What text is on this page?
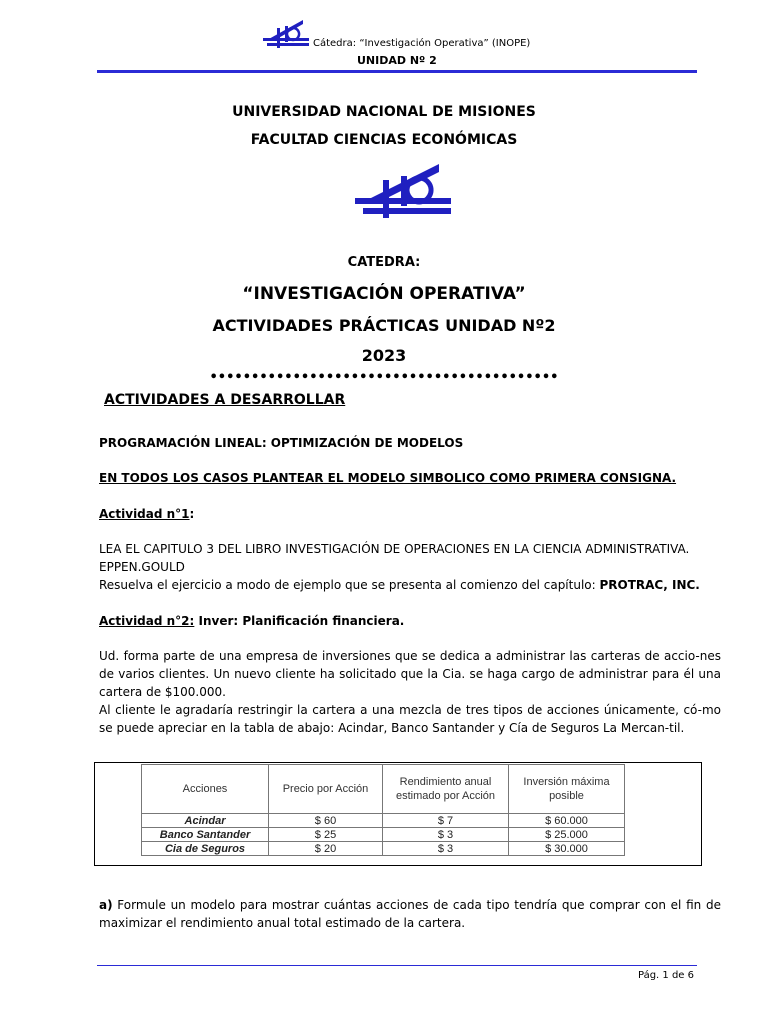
Cátedra: “Investigación Operativa” (INOPE)
UNIDAD Nº 2
UNIVERSIDAD NACIONAL DE MISIONES
FACULTAD CIENCIAS ECONÓMICAS
CATEDRA:
“INVESTIGACIÓN OPERATIVA”
ACTIVIDADES PRÁCTICAS UNIDAD Nº2
2023
••••••••••••••••••••••••••••••••••••••••••
ACTIVIDADES A DESARROLLAR
PROGRAMACIÓN LINEAL: OPTIMIZACIÓN DE MODELOS
EN TODOS LOS CASOS PLANTEAR EL MODELO SIMBOLICO COMO PRIMERA CONSIGNA.
Actividad n°1:
LEA EL CAPITULO 3 DEL LIBRO INVESTIGACIÓN DE OPERACIONES EN LA CIENCIA ADMINISTRATIVA.
EPPEN.GOULD
Resuelva el ejercicio a modo de ejemplo que se presenta al comienzo del capítulo: PROTRAC, INC.
Actividad n°2: Inver: Planificación financiera.
Ud. forma parte de una empresa de inversiones que se dedica a administrar las carteras de accio-nes de varios clientes. Un nuevo cliente ha solicitado que la Cia. se haga cargo de administrar para él una cartera de $100.000.
Al cliente le agradaría restringir la cartera a una mezcla de tres tipos de acciones únicamente, có-mo se puede apreciar en la tabla de abajo: Acindar, Banco Santander y Cía de Seguros La Mercan-til.
Acciones	Precio por Acción	Rendimiento anual estimado por Acción	Inversión máxima posible
Acindar	$ 60	$ 7	$ 60.000
Banco Santander	$ 25	$ 3	$ 25.000
Cia de Seguros	$ 20	$ 3	$ 30.000
a) Formule un modelo para mostrar cuántas acciones de cada tipo tendría que comprar con el fin de maximizar el rendimiento anual total estimado de la cartera.
Pág. 1 de 6
